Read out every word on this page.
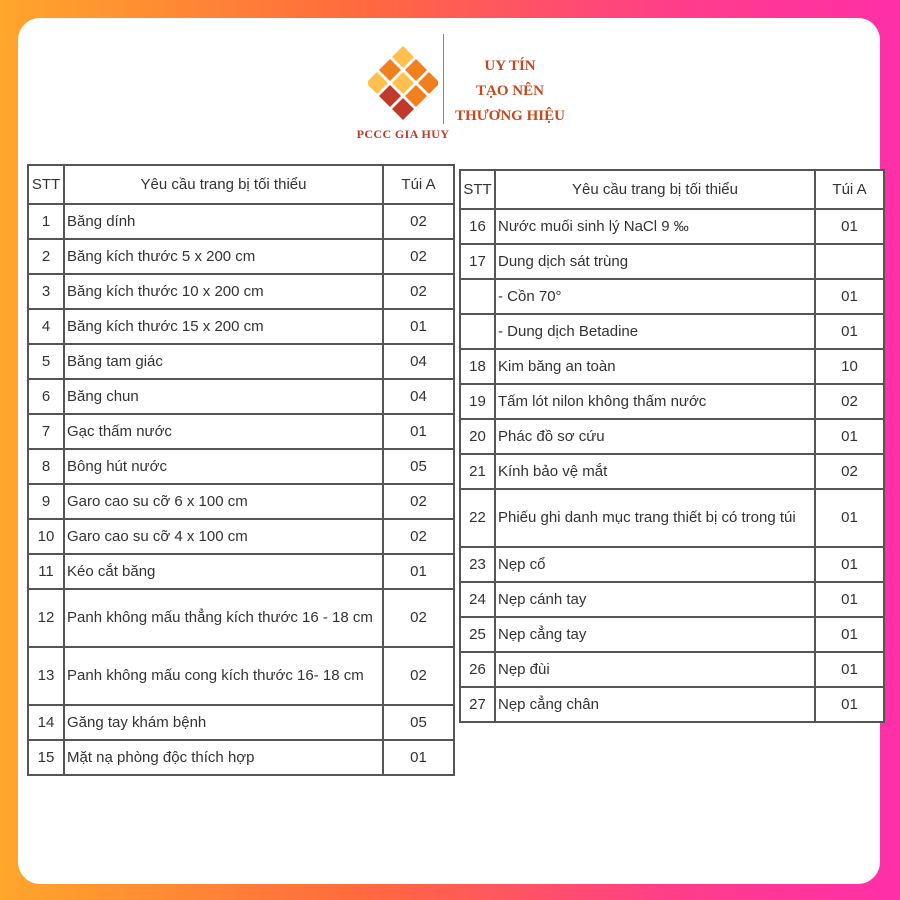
PCCC GIA HUY
UY TÍN
TẠO NÊN
THƯƠNG HIỆU
STT	Yêu cầu trang bị tối thiểu	Túi A
1	Băng dính	02
2	Băng kích thước 5 x 200 cm	02
3	Băng kích thước 10 x 200 cm	02
4	Băng kích thước 15 x 200 cm	01
5	Băng tam giác	04
6	Băng chun	04
7	Gạc thấm nước	01
8	Bông hút nước	05
9	Garo cao su cỡ 6 x 100 cm	02
10	Garo cao su cỡ 4 x 100 cm	02
11	Kéo cắt băng	01
12	Panh không mấu thẳng kích thước 16 - 18 cm	02
13	Panh không mấu cong kích thước 16- 18 cm	02
14	Găng tay khám bệnh	05
15	Mặt nạ phòng độc thích hợp	01
STT	Yêu cầu trang bị tối thiểu	Túi A
16	Nước muối sinh lý NaCl 9 ‰	01
17	Dung dịch sát trùng	
	- Cồn 70°	01
	- Dung dịch Betadine	01
18	Kim băng an toàn	10
19	Tấm lót nilon không thấm nước	02
20	Phác đồ sơ cứu	01
21	Kính bảo vệ mắt	02
22	Phiếu ghi danh mục trang thiết bị có trong túi	01
23	Nẹp cổ	01
24	Nẹp cánh tay	01
25	Nẹp cẳng tay	01
26	Nẹp đùi	01
27	Nẹp cẳng chân	01
